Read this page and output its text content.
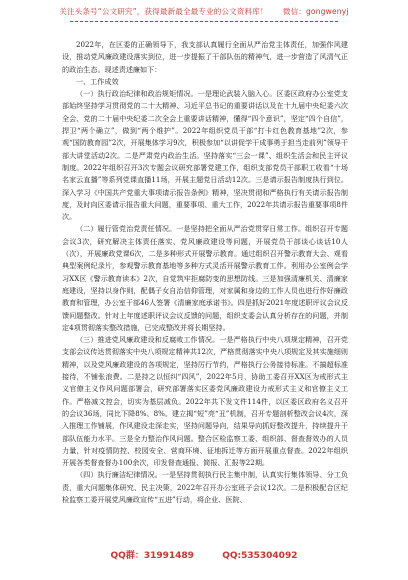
关注头条号“公文研究”，获得最新最全最专业的公文资料库！ 微信：gongwenyj

2022年，在区委的正确领导下，我支部认真履行全面从严治党主体责任，加强作风建设，推动党风廉政建设落实到位，进一步提振了干部队伍的精神气，进一步营造了风清气正的政治生态。现述责述廉如下：

一、工作成效

（一）执行政治纪律和政治规矩情况。一是理论武装入脑入心。区委区政府办公室党支部始终坚持学习贯彻党的二十大精神、习近平总书记的重要讲话以及在十九届中央纪委六次全会、党的二十届中央纪委二次全会上重要讲话精神，懂得“四个意识”，坚定“四个自信”，捍卫“两个确立”，做到“两个维护”。2022年组织党员干部“打卡红色教育基地”2次，参观“国防教育园”2次，开展集体学习9次，积极参加“以讲促学干成事勇于担当走前列”领导干部大讲堂活动2次。二是严肃党内政治生活。坚持落实“三会一课”、组织生活会和民主评议制度。2022年组织召开3次专题会议研究部署党建工作，组织支部党员干部职工收看“十场名家云直播”等系列党课直播11场，开展主题党日活动12次。三是请示报告制度执行到位。深入学习《中国共产党重大事项请示报告条例》精神，坚决贯彻和严格执行有关请示报告制度，及时向区委请示报告重大问题，重要事项、重大工作，2022年共请示报告重要事项8件次。

（二）履行管党治党责任情况。一是坚持把全面从严治党贯穿日常工作。组织召开专题会议3次，研究解决主体责任落实、党风廉政建设等问题，开展党员干部谈心谈话10人（次），开展廉政党课6次，二是多种形式开展警示教育。通过组织召开警示教育大会、观看典型案例纪录片，参观警示教育基地等多种方式灵活开展警示教育工作。利用办公室例会学习XX区《警示教育读本》2次，自觉筑牢拒腐防变的思想防线。三是加强清廉机关、清廉家庭建设，坚持以身作则，配偶子女自治信仰管理，对家属和身边的工作人员也进行作好廉政教育和管理，办公室干部46人签署《清廉家庭承诺书》。四是抓好2021年度述职评议会议反馈问题整改。针对上年度述职评议会议反馈的问题，组织支委会认真分析存在的问题，并制定4项贯彻落实整改措施，已完成整改并将长期坚持。

（三）推进党风廉政建设和反腐败工作情况。一是严格执行中央八项规定精神，召开党支部会议传达贯彻落实中央八项规定精神共12次，严格贯彻落实中央八项规定及其实施细则精神，以及党风廉政建设的各项规定，坚持厉行节约，严格执行公务接待标准。不搞超标准接待，不铺张浪费。二是持之以恒纠“四风”，2022年5月，协助工委召开XX区为戒形式主义官僚主义作风问题部署会，研究部署落实区委党风廉政建设力戒形式主义和官僚主义工作。严格减文控会，切实为基层减负。2022年共下发文件114件，以区委区政府名义召开的会议36场，同比下降8%、8%。建立揭“短”亮“丑”机制，召开专题剖析整改会议4次，深入推理工作铺展，作风建设走深走实，坚持问题导向，结果导向抓好整改提升，持续提升干部队伍能力水平。三是全力整治作风问题。整合区检监察工委、组织部、督查督效办的人员力量，针对疫情防控、校园安全、营商环境、征地拆迁等方面开展重点督查。2022年组织开展各类督查督办100余次，印发督查通报、简报、汇报等22期。

（四）执行廉洁纪律情况。一是坚持贯彻执行民主集中制，认真实行集体领导、分工负责，重大问题集体研究、民主决策，2022年召开办公室班子会议12次。二是积极配合区纪检监察工委开展党风廉政宣传“五进”行动，将企业、医院、

QQ群：31991489	QQ:535304092
